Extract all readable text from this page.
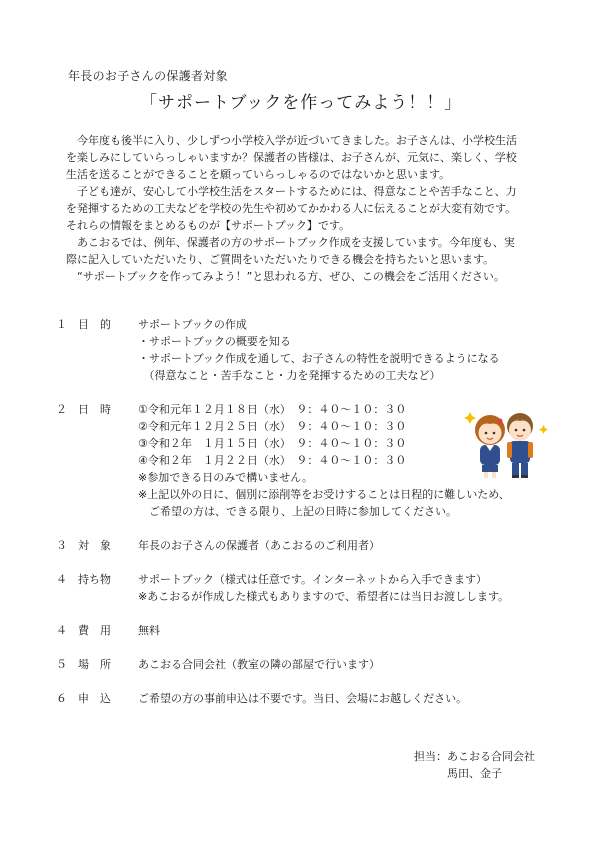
年長のお子さんの保護者対象
「サポートブックを作ってみよう！！」

　今年度も後半に入り、少しずつ小学校入学が近づいてきました。お子さんは、小学校生活

を楽しみにしていらっしゃいますか？保護者の皆様は、お子さんが、元気に、楽しく、学校

生活を送ることができることを願っていらっしゃるのではないかと思います。

　子ども達が、安心して小学校生活をスタートするためには、得意なことや苦手なこと、力

を発揮するための工夫などを学校の先生や初めてかかわる人に伝えることが大変有効です。

それらの情報をまとめるものが【サポートブック】です。

　あこおるでは、例年、保護者の方のサポートブック作成を支援しています。今年度も、実

際に記入していただいたり、ご質問をいただいたりできる機会を持ちたいと思います。

　“サポートブックを作ってみよう！”と思われる方、ぜひ、この機会をご活用ください。

１	目　的	サポートブックの作成
・サポートブックの概要を知る
・サポートブック作成を通して、お子さんの特性を説明できるようになる
　（得意なこと・苦手なこと・力を発揮するための工夫など）
２	日　時	①令和元年１２月１８日（水）　９：４０～１０：３０
②令和元年１２月２５日（水）　９：４０～１０：３０
③令和２年　１月１５日（水）　９：４０～１０：３０
④令和２年　１月２２日（水）　９：４０～１０：３０
※参加できる日のみで構いません。
※上記以外の日に、個別に添削等をお受けすることは日程的に難しいため、
　ご希望の方は、できる限り、上記の日時に参加してください。
３	対　象	年長のお子さんの保護者（あこおるのご利用者）
４	持ち物	サポートブック（様式は任意です。インターネットから入手できます）
※あこおるが作成した様式もありますので、希望者には当日お渡しします。
４	費　用	無料
５	場　所	あこおる合同会社（教室の隣の部屋で行います）
６	申　込	ご希望の方の事前申込は不要です。当日、会場にお越しください。
担当：あこおる合同会社
　　　馬田、金子
